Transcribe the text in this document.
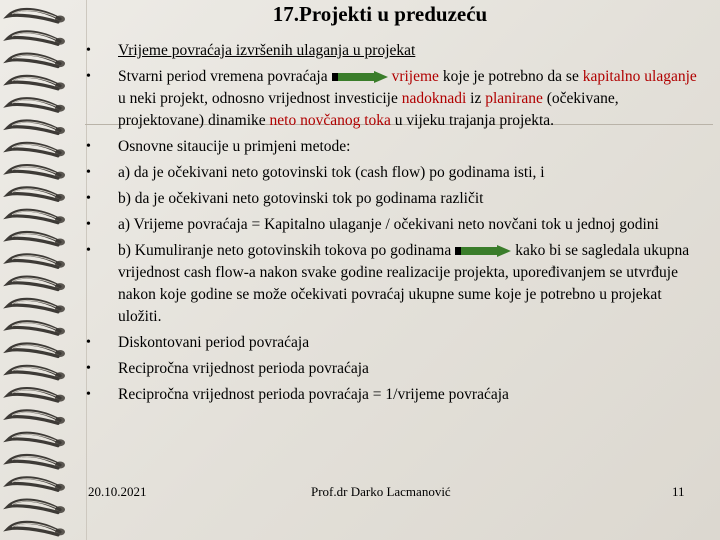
17.Projekti u preduzeću
• Vrijeme povraćaja izvršenih ulaganja u projekat
• Stvarni period vremena povraćaja	vrijeme koje je potrebno da se kapitalno ulaganje u neki projekt, odnosno vrijednost investicije nadoknadi iz planirane (očekivane, projektovane) dinamike neto novčanog toka u vijeku trajanja projekta.
• Osnovne sitaucije u primjeni metode:
• a) da je očekivani neto gotovinski tok (cash flow) po godinama isti, i
• b) da je očekivani neto gotovinski tok po godinama različit
• a) Vrijeme povraćaja = Kapitalno ulaganje / očekivani neto novčani tok u jednoj godini
• b) Kumuliranje neto gotovinskih tokova po godinama	kako bi se sagledala ukupna vrijednost cash flow-a nakon svake godine realizacije projekta, upoređivanjem se utvrđuje nakon koje godine se može očekivati povraćaj ukupne sume koje je potrebno u projekat uložiti.
• Diskontovani period povraćaja
• Recipročna vrijednost perioda povraćaja
• Recipročna vrijednost perioda povraćaja = 1/vrijeme povraćaja
20.10.2021	Prof.dr Darko Lacmanović	11
